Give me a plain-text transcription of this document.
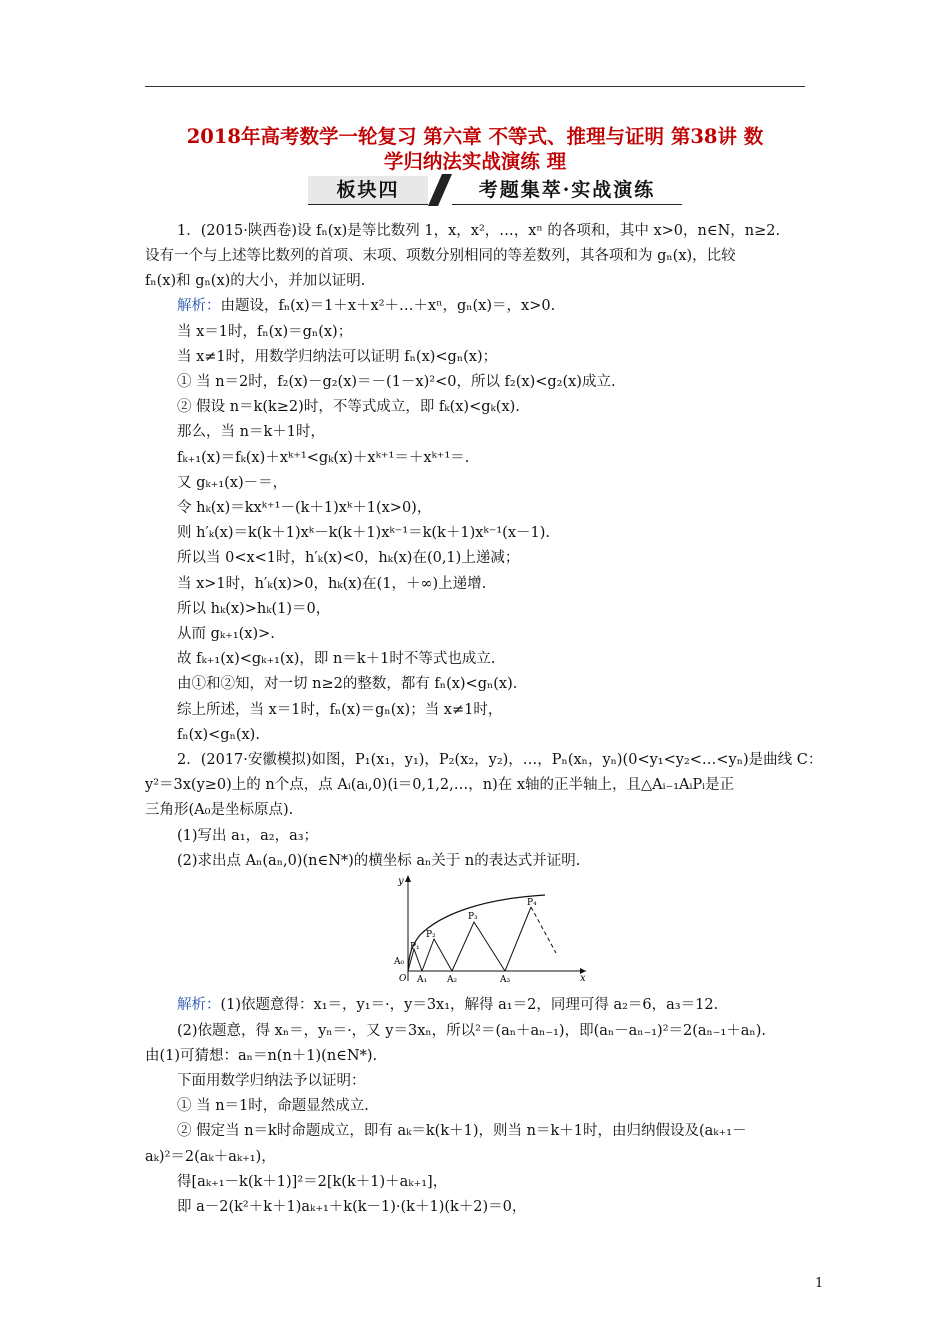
2018年高考数学一轮复习 第六章 不等式、推理与证明 第38讲 数
学归纳法实战演练 理
板块四	考题集萃·实战演练
1．(2015·陕西卷)设 fₙ(x)是等比数列 1，x，x²，…，xⁿ 的各项和，其中 x>0，n∈N，n≥2.
设有一个与上述等比数列的首项、末项、项数分别相同的等差数列，其各项和为 gₙ(x)，比较
fₙ(x)和 gₙ(x)的大小，并加以证明.
解析：由题设，fₙ(x)＝1＋x＋x²＋…＋xⁿ，gₙ(x)＝，x>0.
当 x＝1时，fₙ(x)＝gₙ(x)；
当 x≠1时，用数学归纳法可以证明 fₙ(x)<gₙ(x)；
① 当 n＝2时，f₂(x)－g₂(x)＝－(1－x)²<0，所以 f₂(x)<g₂(x)成立.
② 假设 n＝k(k≥2)时，不等式成立，即 fₖ(x)<gₖ(x).
那么，当 n＝k＋1时，
fₖ₊₁(x)＝fₖ(x)＋xᵏ⁺¹<gₖ(x)＋xᵏ⁺¹＝＋xᵏ⁺¹＝.
又 gₖ₊₁(x)－＝，
令 hₖ(x)＝kxᵏ⁺¹－(k＋1)xᵏ＋1(x>0)，
则 h′ₖ(x)＝k(k＋1)xᵏ－k(k＋1)xᵏ⁻¹＝k(k＋1)xᵏ⁻¹(x－1).
所以当 0<x<1时，h′ₖ(x)<0，hₖ(x)在(0,1)上递减；
当 x>1时，h′ₖ(x)>0，hₖ(x)在(1，＋∞)上递增.
所以 hₖ(x)>hₖ(1)＝0，
从而 gₖ₊₁(x)>.
故 fₖ₊₁(x)<gₖ₊₁(x)，即 n＝k＋1时不等式也成立.
由①和②知，对一切 n≥2的整数，都有 fₙ(x)<gₙ(x).
综上所述，当 x＝1时，fₙ(x)＝gₙ(x)；当 x≠1时，
fₙ(x)<gₙ(x).
2．(2017·安徽模拟)如图，P₁(x₁，y₁)，P₂(x₂，y₂)，…，Pₙ(xₙ，yₙ)(0<y₁<y₂<…<yₙ)是曲线 C：
y²＝3x(y≥0)上的 n个点，点 Aᵢ(aᵢ,0)(i＝0,1,2,…，n)在 x轴的正半轴上，且△Aᵢ₋₁AᵢPᵢ是正
三角形(A₀是坐标原点).
(1)写出 a₁，a₂，a₃；
(2)求出点 Aₙ(aₙ,0)(n∈N*)的横坐标 aₙ关于 n的表达式并证明.
y
x
A₀
O A₁ A₂	A₃
P₁
P₂
P₃
P₄
解析：(1)依题意得：x₁＝，y₁＝·，y＝3x₁，解得 a₁＝2，同理可得 a₂＝6，a₃＝12.
(2)依题意，得 xₙ＝，yₙ＝·，又 y＝3xₙ，所以²＝(aₙ＋aₙ₋₁)，即(aₙ－aₙ₋₁)²＝2(aₙ₋₁＋aₙ).
由(1)可猜想：aₙ＝n(n＋1)(n∈N*).
下面用数学归纳法予以证明：
① 当 n＝1时，命题显然成立.
② 假定当 n＝k时命题成立，即有 aₖ＝k(k＋1)，则当 n＝k＋1时，由归纳假设及(aₖ₊₁－
aₖ)²＝2(aₖ＋aₖ₊₁)，
得[aₖ₊₁－k(k＋1)]²＝2[k(k＋1)＋aₖ₊₁]，
即 a－2(k²＋k＋1)aₖ₊₁＋k(k－1)·(k＋1)(k＋2)＝0，
1
